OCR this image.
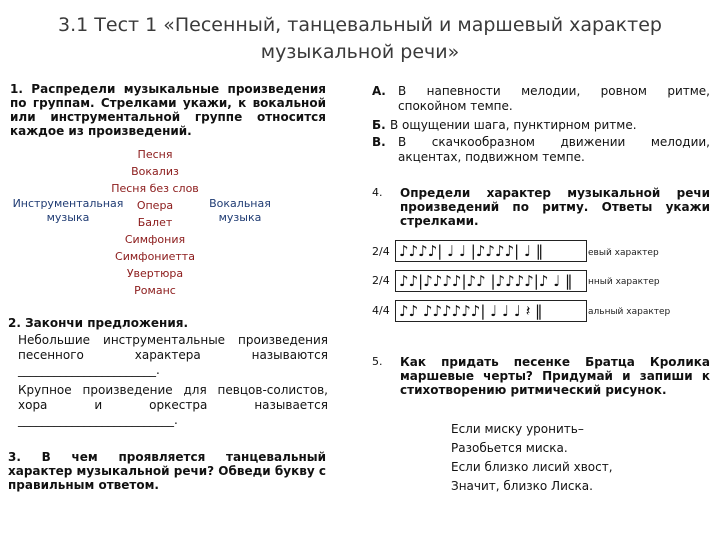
3.1 Тест 1 «Песенный, танцевальный и маршевый характер
музыкальной речи»
1. Распредели музыкальные произведения по группам. Стрелками укажи, к вокальной или инструментальной группе относится каждое из произведений.
Песня
Вокализ
Песня без слов
Опера
Балет
Симфония
Симфониетта
Увертюра
Романс
Инструментальная
музыка
Вокальная
музыка
2. Закончи предложения.
Небольшие инструментальные произведения песенного характера называются _______________________.
Крупное произведение для певцов-солистов, хора и оркестра называется __________________________.
3. В чем проявляется танцевальный характер музыкальной речи? Обведи букву с правильным ответом.
А.	В напевности мелодии, ровном ритме, спокойном темпе.
Б. В ощущении шага, пунктирном ритме.
В.	В скачкообразном движении мелодии, акцентах, подвижном темпе.
4. Определи характер музыкальной речи произведений по ритму. Ответы укажи стрелками.
2/4 ♪♪♪♪| ♩ ♩ |♪♪♪♪| ♩ ‖	евый характер
2/4 ♪♪|♪♪♪♪|♪♪ |♪♪♪♪|♪ ♩ ‖	нный характер
4/4 ♪♪ ♪♪♪♪♪♪| ♩ ♩ ♩ 𝄽 ‖	альный характер
5. Как придать песенке Братца Кролика маршевые черты? Придумай и запиши к стихотворению ритмический рисунок.
Если миску уронить–
Разобьется миска.
Если близко лисий хвост,
Значит, близко Лиска.
